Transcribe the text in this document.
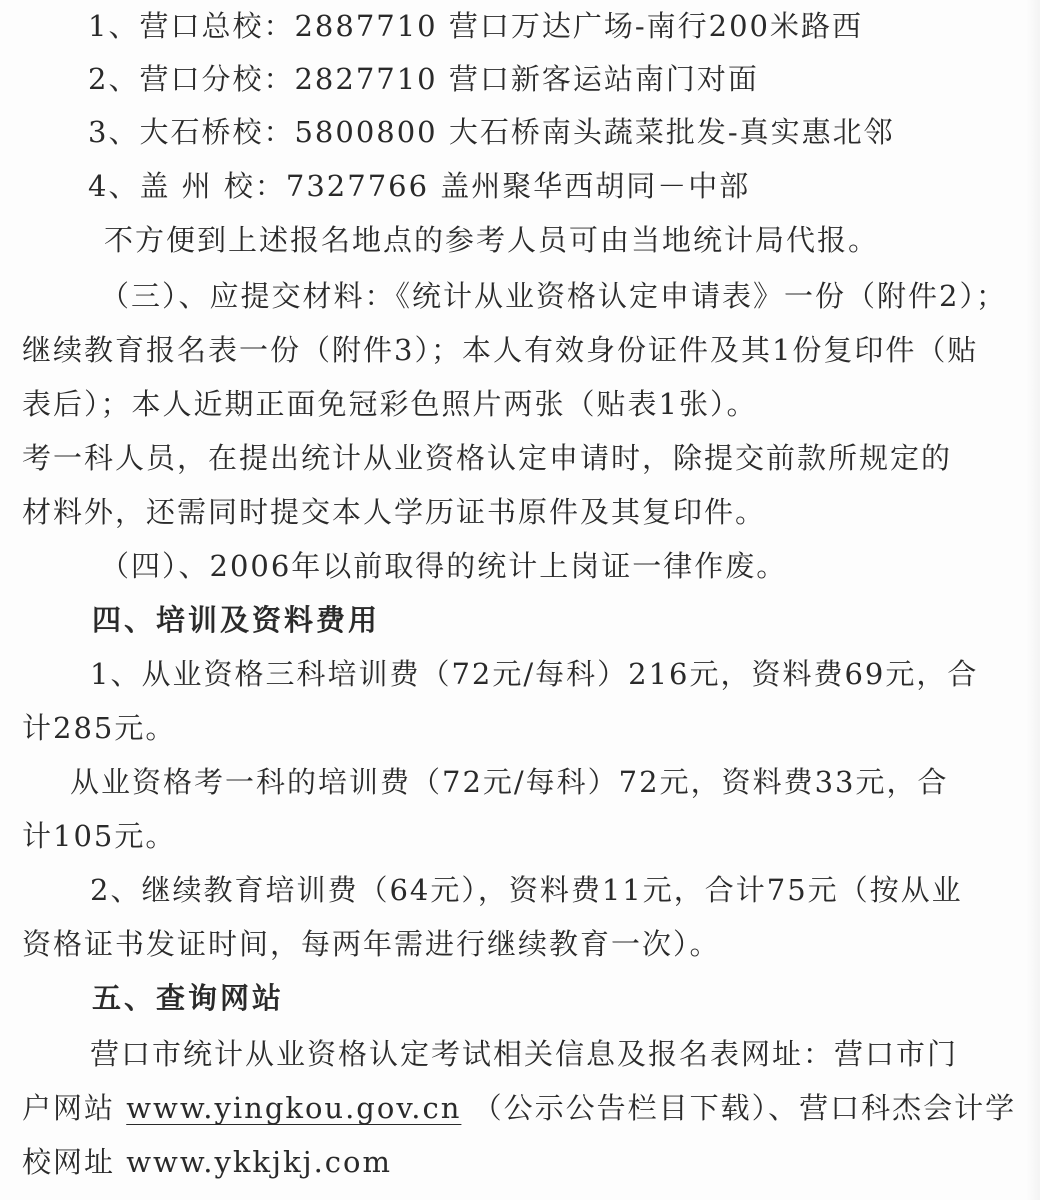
1、营口总校：2887710 营口万达广场-南行200米路西
2、营口分校：2827710 营口新客运站南门对面
3、大石桥校：5800800 大石桥南头蔬菜批发-真实惠北邻
4、盖 州 校：7327766 盖州聚华西胡同－中部
不方便到上述报名地点的参考人员可由当地统计局代报。
（三）、应提交材料：《统计从业资格认定申请表》一份（附件2）；
继续教育报名表一份（附件3）；本人有效身份证件及其1份复印件（贴
表后）；本人近期正面免冠彩色照片两张（贴表1张）。
考一科人员，在提出统计从业资格认定申请时，除提交前款所规定的
材料外，还需同时提交本人学历证书原件及其复印件。
（四）、2006年以前取得的统计上岗证一律作废。
四、培训及资料费用
1、从业资格三科培训费（72元/每科）216元，资料费69元，合
计285元。
从业资格考一科的培训费（72元/每科）72元，资料费33元，合
计105元。
2、继续教育培训费（64元），资料费11元，合计75元（按从业
资格证书发证时间，每两年需进行继续教育一次）。
五、查询网站
营口市统计从业资格认定考试相关信息及报名表网址：营口市门
户网站 www.yingkou.gov.cn （公示公告栏目下载）、营口科杰会计学
校网址 www.ykkjkj.com
